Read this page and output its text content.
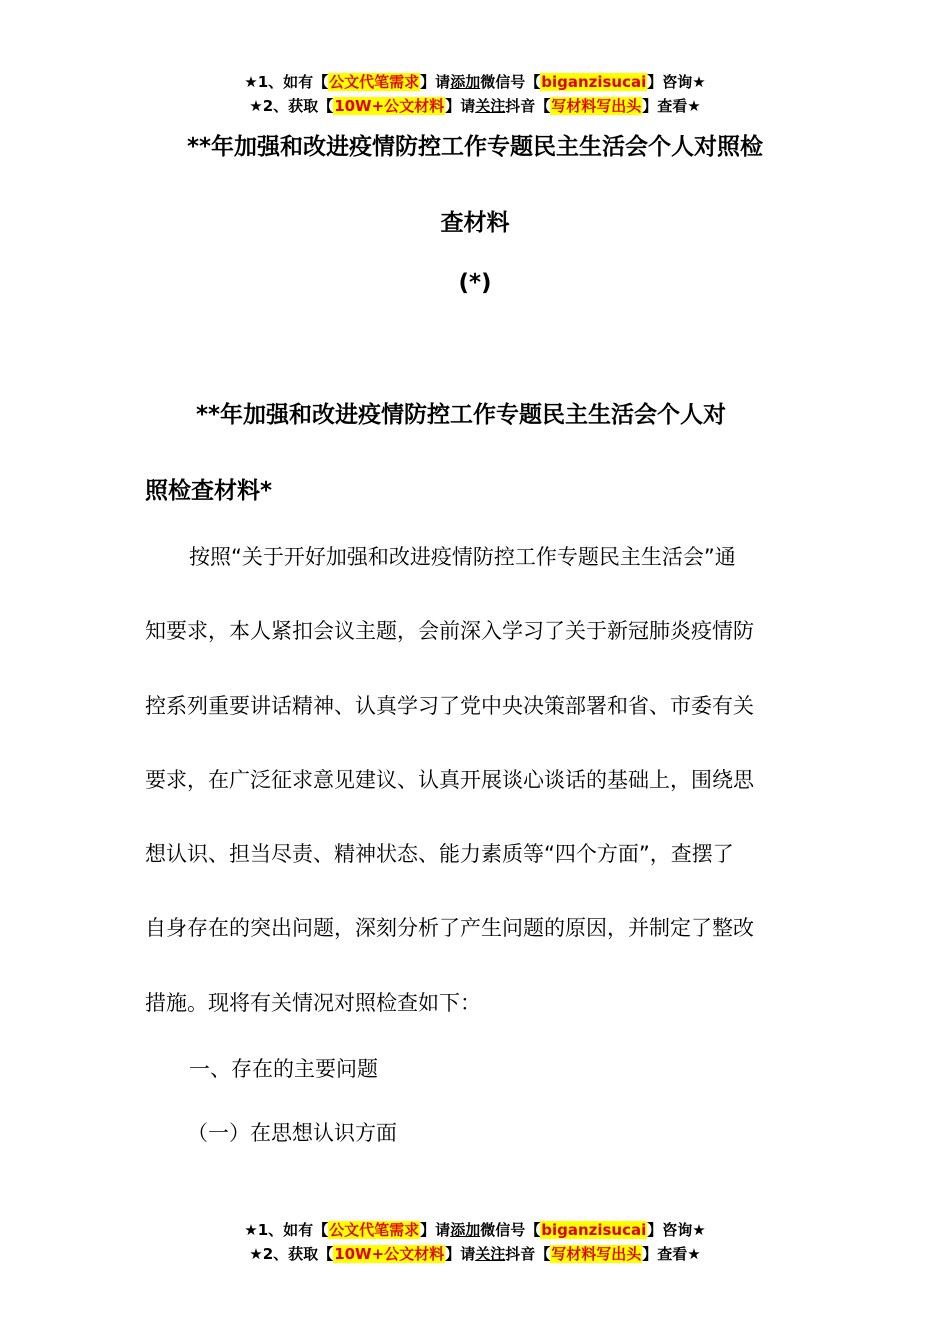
★1、如有【公文代笔需求】请添加微信号【biganzisucai】咨询★
★2、获取【10W+公文材料】请关注抖音【写材料写出头】查看★
**年加强和改进疫情防控工作专题民主生活会个人对照检
查材料
(*)
**年加强和改进疫情防控工作专题民主生活会个人对
照检查材料*
按照“关于开好加强和改进疫情防控工作专题民主生活会”通
知要求，本人紧扣会议主题，会前深入学习了关于新冠肺炎疫情防
控系列重要讲话精神、认真学习了党中央决策部署和省、市委有关
要求，在广泛征求意见建议、认真开展谈心谈话的基础上，围绕思
想认识、担当尽责、精神状态、能力素质等“四个方面”，查摆了
自身存在的突出问题，深刻分析了产生问题的原因，并制定了整改
措施。现将有关情况对照检查如下：
一、存在的主要问题
（一）在思想认识方面
★1、如有【公文代笔需求】请添加微信号【biganzisucai】咨询★
★2、获取【10W+公文材料】请关注抖音【写材料写出头】查看★
